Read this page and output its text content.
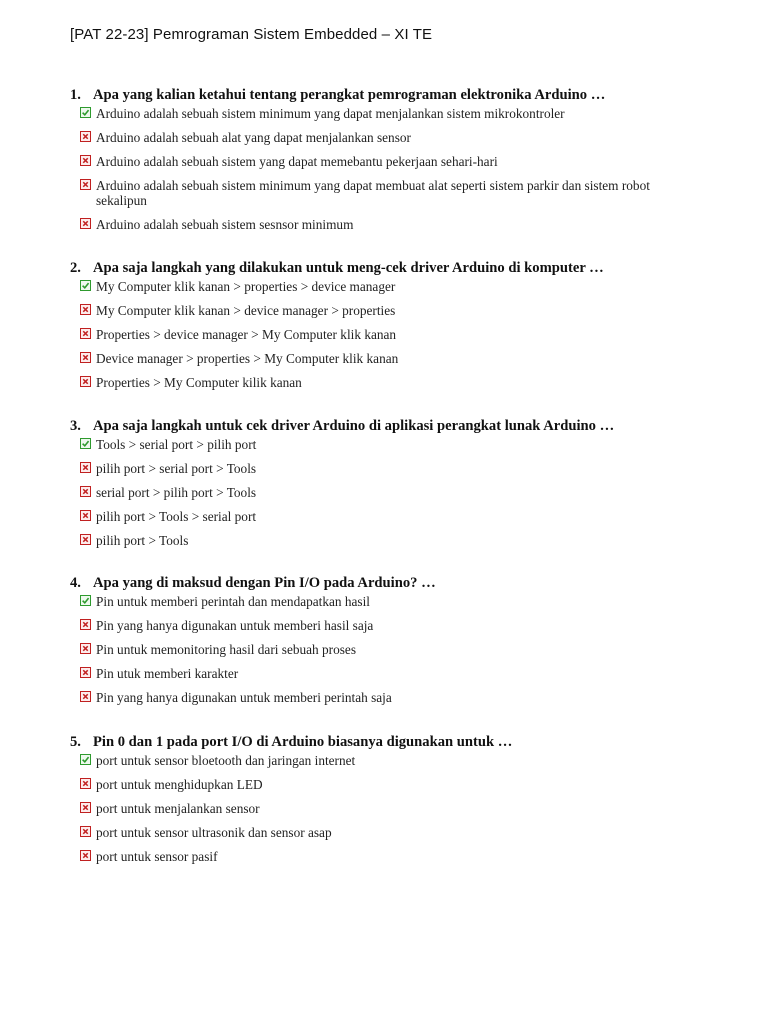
[PAT 22-23] Pemrograman Sistem Embedded – XI TE
1. Apa yang kalian ketahui tentang perangkat pemrograman elektronika Arduino …
Arduino adalah sebuah sistem minimum yang dapat menjalankan sistem mikrokontroler
Arduino adalah sebuah alat yang dapat menjalankan sensor
Arduino adalah sebuah sistem yang dapat memebantu pekerjaan sehari-hari
Arduino adalah sebuah sistem minimum yang dapat membuat alat seperti sistem parkir dan sistem robot sekalipun
Arduino adalah sebuah sistem sesnsor minimum
2. Apa saja langkah yang dilakukan untuk meng-cek driver Arduino di komputer …
My Computer klik kanan > properties > device manager
My Computer klik kanan > device manager > properties
Properties > device manager > My Computer klik kanan
Device manager > properties > My Computer klik kanan
Properties > My Computer kilik kanan
3. Apa saja langkah untuk cek driver Arduino di aplikasi perangkat lunak Arduino …
Tools > serial port > pilih port
pilih port > serial port > Tools
serial port > pilih port > Tools
pilih port > Tools > serial port
pilih port > Tools
4. Apa yang di maksud dengan Pin I/O pada Arduino? …
Pin untuk memberi perintah dan mendapatkan hasil
Pin yang hanya digunakan untuk memberi hasil saja
Pin untuk memonitoring hasil dari sebuah proses
Pin utuk memberi karakter
Pin yang hanya digunakan untuk memberi perintah saja
5. Pin 0 dan 1 pada port I/O di Arduino biasanya digunakan untuk …
port untuk sensor bloetooth dan jaringan internet
port untuk menghidupkan LED
port untuk menjalankan sensor
port untuk sensor ultrasonik dan sensor asap
port untuk sensor pasif
